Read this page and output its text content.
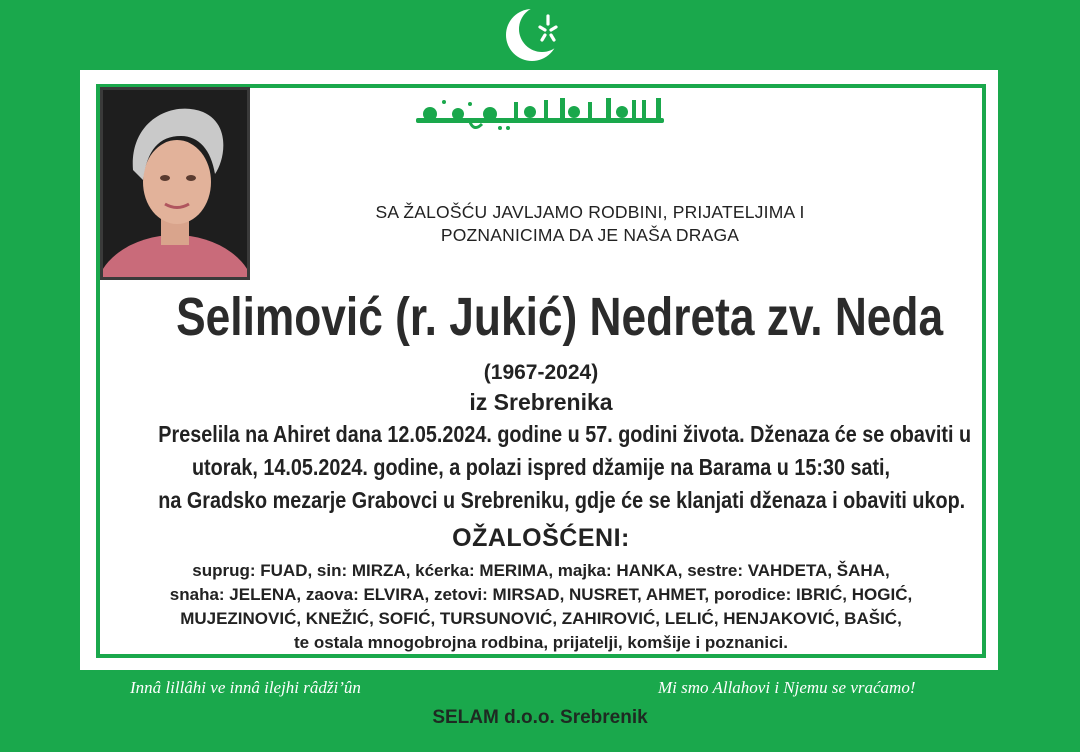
SA ŽALOŠĆU JAVLJAMO RODBINI, PRIJATELJIMA I
POZNANICIMA DA JE NAŠA DRAGA
Selimović (r. Jukić) Nedreta zv. Neda
(1967-2024)
iz Srebrenika
Preselila na Ahiret dana 12.05.2024. godine u 57. godini života. Dženaza će se obaviti u
utorak, 14.05.2024. godine, a polazi ispred džamije na Barama u 15:30 sati,
na Gradsko mezarje Grabovci u Srebreniku, gdje će se klanjati dženaza i obaviti ukop.
OŽALOŠĆENI:
suprug: FUAD, sin: MIRZA, kćerka: MERIMA, majka: HANKA, sestre: VAHDETA, ŠAHA,
snaha: JELENA, zaova: ELVIRA, zetovi: MIRSAD, NUSRET, AHMET, porodice: IBRIĆ, HOGIĆ,
MUJEZINOVIĆ, KNEŽIĆ, SOFIĆ, TURSUNOVIĆ, ZAHIROVIĆ, LELIĆ, HENJAKOVIĆ, BAŠIĆ,
te ostala mnogobrojna rodbina, prijatelji, komšije i poznanici.
Innâ lillâhi ve innâ ilejhi râdži’ûn	Mi smo Allahovi i Njemu se vraćamo!
SELAM d.o.o. Srebrenik
